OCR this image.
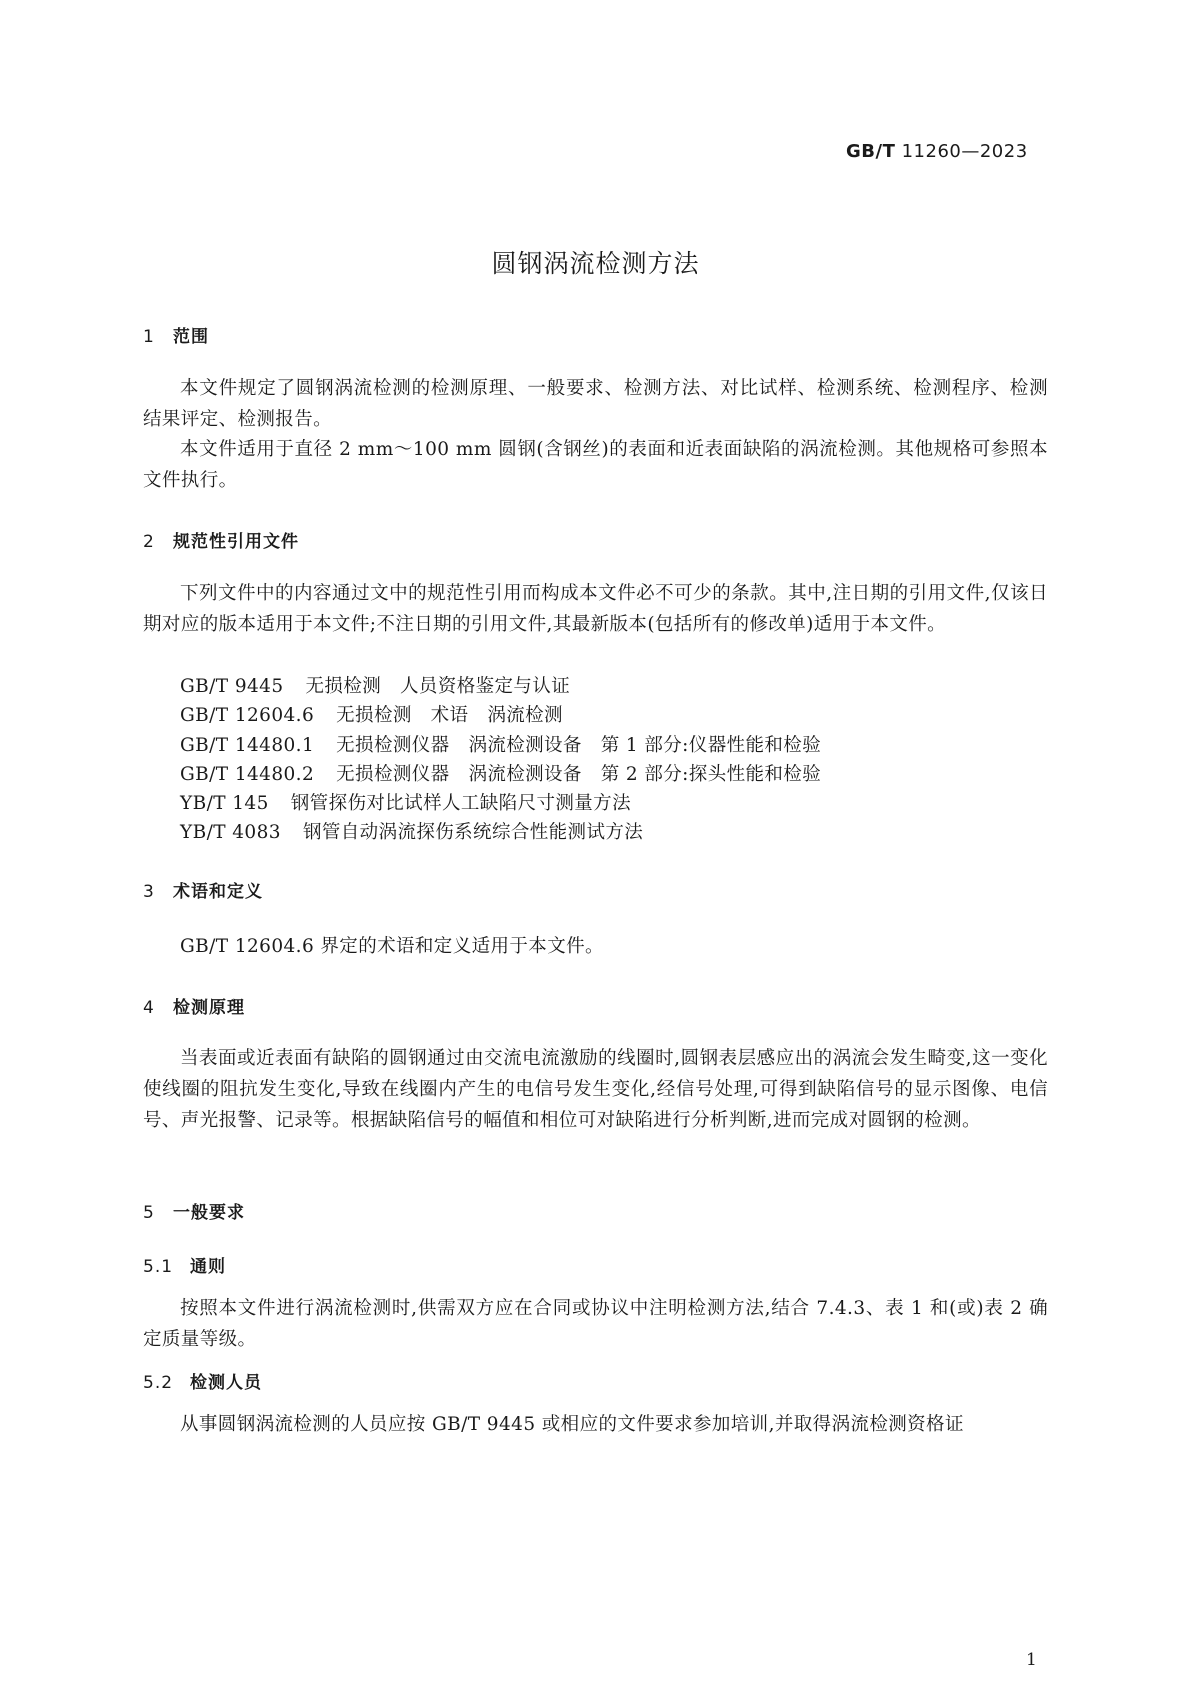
GB/T 11260—2023
圆钢涡流检测方法
1 范围
本文件规定了圆钢涡流检测的检测原理、一般要求、检测方法、对比试样、检测系统、检测程序、检测结果评定、检测报告。
本文件适用于直径 2 mm～100 mm 圆钢(含钢丝)的表面和近表面缺陷的涡流检测。其他规格可参照本文件执行。
2 规范性引用文件
下列文件中的内容通过文中的规范性引用而构成本文件必不可少的条款。其中,注日期的引用文件,仅该日期对应的版本适用于本文件;不注日期的引用文件,其最新版本(包括所有的修改单)适用于本文件。
GB/T 9445 无损检测　人员资格鉴定与认证
GB/T 12604.6 无损检测　术语　涡流检测
GB/T 14480.1 无损检测仪器　涡流检测设备　第 1 部分:仪器性能和检验
GB/T 14480.2 无损检测仪器　涡流检测设备　第 2 部分:探头性能和检验
YB/T 145 钢管探伤对比试样人工缺陷尺寸测量方法
YB/T 4083 钢管自动涡流探伤系统综合性能测试方法
3 术语和定义
GB/T 12604.6 界定的术语和定义适用于本文件。
4 检测原理
当表面或近表面有缺陷的圆钢通过由交流电流激励的线圈时,圆钢表层感应出的涡流会发生畸变,这一变化使线圈的阻抗发生变化,导致在线圈内产生的电信号发生变化,经信号处理,可得到缺陷信号的显示图像、电信号、声光报警、记录等。根据缺陷信号的幅值和相位可对缺陷进行分析判断,进而完成对圆钢的检测。
5 一般要求
5.1 通则
按照本文件进行涡流检测时,供需双方应在合同或协议中注明检测方法,结合 7.4.3、表 1 和(或)表 2 确定质量等级。
5.2 检测人员
从事圆钢涡流检测的人员应按 GB/T 9445 或相应的文件要求参加培训,并取得涡流检测资格证
1
